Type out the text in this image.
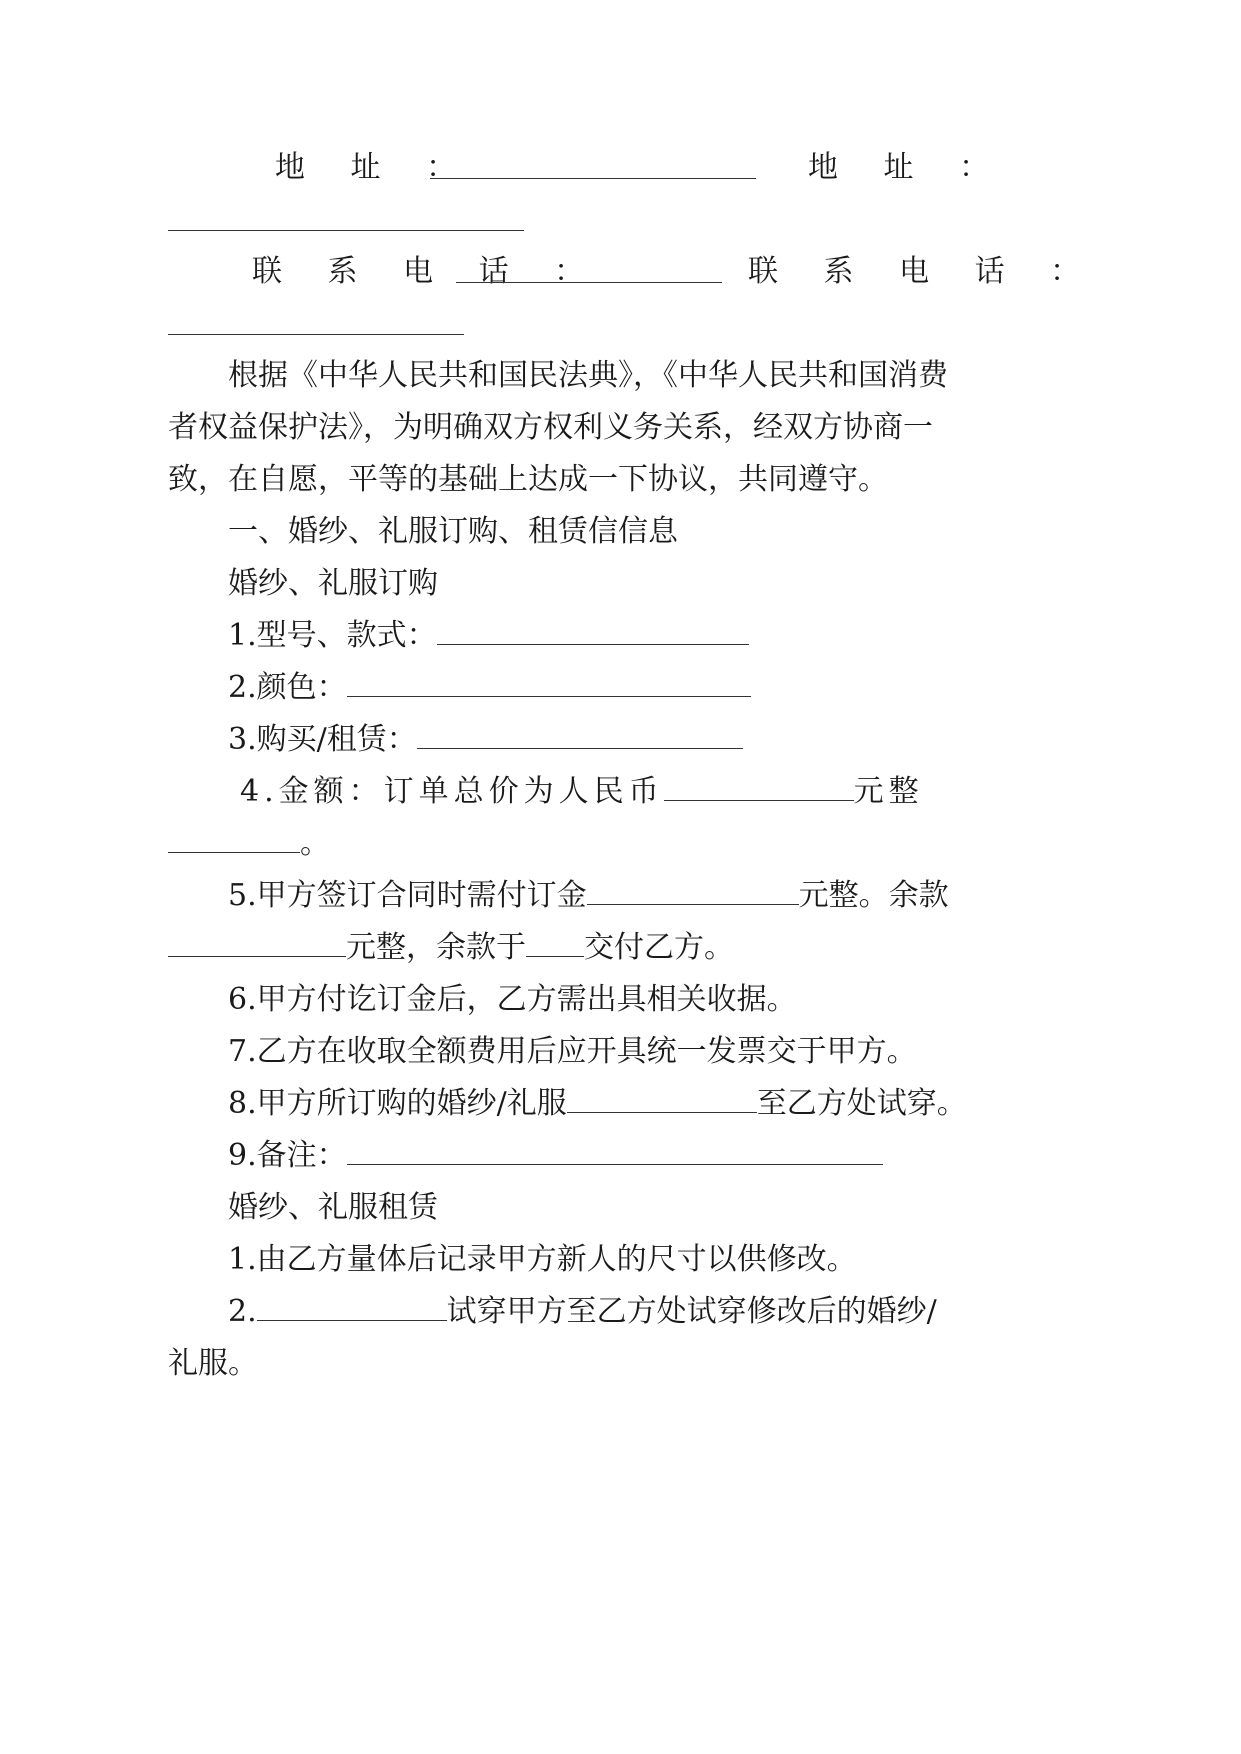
地 址 ：	地 址 ：
联 系 电 话 ：	联 系 电 话 ：
根据《中华人民共和国民法典》，《中华人民共和国消费
者权益保护法》，为明确双方权利义务关系，经双方协商一
致，在自愿，平等的基础上达成一下协议，共同遵守。
一、婚纱、礼服订购、租赁信信息
婚纱、礼服订购
1.型号、款式：
2.颜色：
3.购买/租赁：
4.金额：订单总价为人民币	元整
。
5.甲方签订合同时需付订金	元整。余款
元整，余款于 交付乙方。
6.甲方付讫订金后，乙方需出具相关收据。
7.乙方在收取全额费用后应开具统一发票交于甲方。
8.甲方所订购的婚纱/礼服	至乙方处试穿。
9.备注：
婚纱、礼服租赁
1.由乙方量体后记录甲方新人的尺寸以供修改。
2.	试穿甲方至乙方处试穿修改后的婚纱/
礼服。
